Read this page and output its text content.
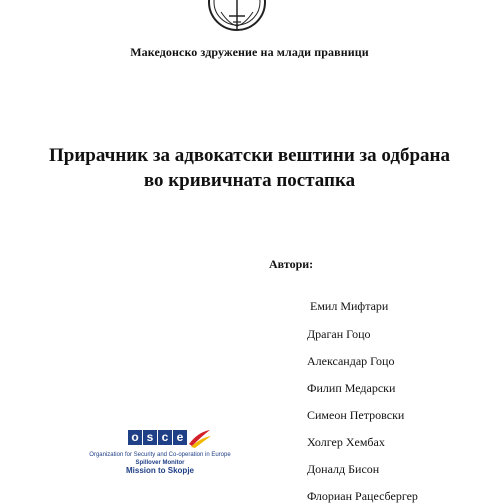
Македонско здружение на млади правници
Прирачник за адвокатски вештини за одбрана во кривичната постапка
Автори:
Емил Мифтари
Драган Гоцо
Александар Гоцо
Филип Медарски
Симеон Петровски
Холгер Хембах
Доналд Бисон
Флориан Рацесбергер
o s c e
Organization for Security and Co-operation in Europe
Spillover Monitor
Mission to Skopje
